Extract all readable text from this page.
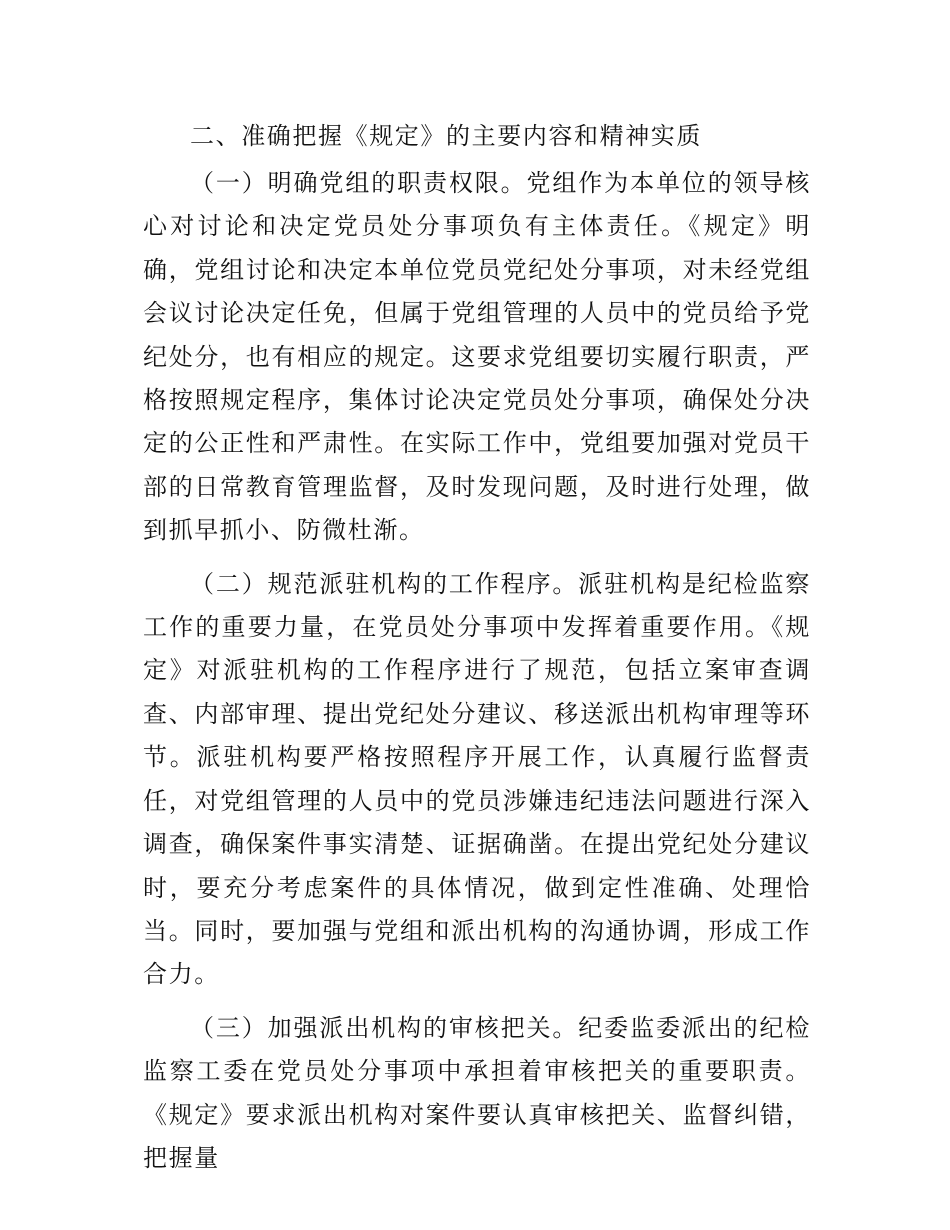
二、准确把握《规定》的主要内容和精神实质

（一）明确党组的职责权限。党组作为本单位的领导核心对讨论和决定党员处分事项负有主体责任。《规定》明确，党组讨论和决定本单位党员党纪处分事项，对未经党组会议讨论决定任免，但属于党组管理的人员中的党员给予党纪处分，也有相应的规定。这要求党组要切实履行职责，严格按照规定程序，集体讨论决定党员处分事项，确保处分决定的公正性和严肃性。在实际工作中，党组要加强对党员干部的日常教育管理监督，及时发现问题，及时进行处理，做到抓早抓小、防微杜渐。

（二）规范派驻机构的工作程序。派驻机构是纪检监察工作的重要力量，在党员处分事项中发挥着重要作用。《规定》对派驻机构的工作程序进行了规范，包括立案审查调查、内部审理、提出党纪处分建议、移送派出机构审理等环节。派驻机构要严格按照程序开展工作，认真履行监督责任，对党组管理的人员中的党员涉嫌违纪违法问题进行深入调查，确保案件事实清楚、证据确凿。在提出党纪处分建议时，要充分考虑案件的具体情况，做到定性准确、处理恰当。同时，要加强与党组和派出机构的沟通协调，形成工作合力。

（三）加强派出机构的审核把关。纪委监委派出的纪检监察工委在党员处分事项中承担着审核把关的重要职责。《规定》要求派出机构对案件要认真审核把关、监督纠错，把握量
